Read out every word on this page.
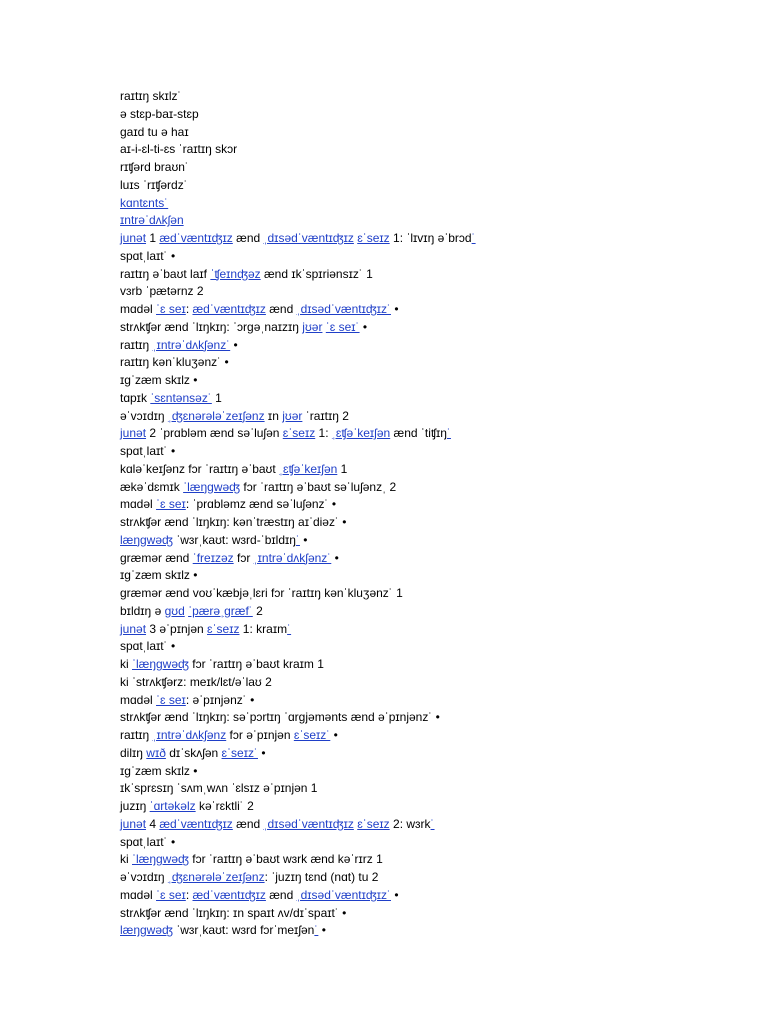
raɪtɪŋ skɪlz˙
ə stɛp-baɪ-stɛp
gaɪd tu ə haɪ
aɪ-i-ɛl-ti-ɛs ˈraɪtɪŋ skɔr
rɪʧərd braʊn˙
luɪs ˈrɪʧərdz˙
kɑntɛnts˙
ɪntrəˈdʌkʃən
junət 1 ædˈvæntɪʤɪz ænd ˌdɪsədˈvæntɪʤɪz ɛˈseɪz 1: ˈlɪvɪŋ əˈbrɔd˙
spɑtˌlaɪt˙ •
raɪtɪŋ əˈbaʊt laɪf ˈʧeɪnʤəz ænd ɪkˈspɪriənsɪz˙ 1
vɜrb ˈpætərnz 2
mɑdəl ˈɛ seɪ: ædˈvæntɪʤɪz ænd ˌdɪsədˈvæntɪʤɪz˙ •
strʌkʧər ænd ˈlɪŋkɪŋ: ˈɔrgəˌnaɪzɪŋ jʊər ˈɛ seɪ˙ •
raɪtɪŋ ˌɪntrəˈdʌkʃənz˙ •
raɪtɪŋ kənˈkluʒənz˙ •
ɪgˈzæm skɪlz •
tɑpɪk ˈsɛntənsəz˙ 1
əˈvɔɪdɪŋ ˌʤɛnərələˈzeɪʃənz ɪn jʊər ˈraɪtɪŋ 2
junət 2 ˈprɑbləm ænd səˈluʃən ɛˈseɪz 1: ˌɛʧəˈkeɪʃən ænd ˈtiʧɪŋ˙
spɑtˌlaɪt˙ •
kɑləˈkeɪʃənz fɔr ˈraɪtɪŋ əˈbaʊt ˌɛʧəˈkeɪʃən 1
ækəˈdɛmɪk ˈlæŋgwəʤ fɔr ˈraɪtɪŋ əˈbaʊt səˈluʃənzˌ 2
mɑdəl ˈɛ seɪ: ˈprɑbləmz ænd səˈluʃənz˙ •
strʌkʧər ænd ˈlɪŋkɪŋ: kənˈtræstɪŋ aɪˈdiəz˙ •
læŋgwəʤ ˈwɜrˌkaʊt: wɜrd-ˈbɪldɪŋ˙ •
græmər ænd ˈfreɪzəz fɔr ˌɪntrəˈdʌkʃənz˙ •
ɪgˈzæm skɪlz •
græmər ænd voʊˈkæbjəˌlɛri fɔr ˈraɪtɪŋ kənˈkluʒənz˙ 1
bɪldɪŋ ə gʊd ˈpærəˌgræf˙ 2
junət 3 əˈpɪnjən ɛˈseɪz 1: kraɪm˙
spɑtˌlaɪt˙ •
ki ˈlæŋgwəʤ fɔr ˈraɪtɪŋ əˈbaʊt kraɪm 1
ki ˈstrʌkʧərz: meɪk/lɛt/əˈlaʊ 2
mɑdəl ˈɛ seɪ: əˈpɪnjənz˙ •
strʌkʧər ænd ˈlɪŋkɪŋ: səˈpɔrtɪŋ ˈɑrgjəmənts ænd əˈpɪnjənz˙ •
raɪtɪŋ ˌɪntrəˈdʌkʃənz fɔr əˈpɪnjən ɛˈseɪz˙ •
dilɪŋ wɪð dɪˈskʌʃən ɛˈseɪz˙ •
ɪgˈzæm skɪlz •
ɪkˈsprɛsɪŋ ˈsʌmˌwʌn ˈɛlsɪz əˈpɪnjən 1
juzɪŋ ˈɑrtəkəlz kəˈrɛktli˙ 2
junət 4 ædˈvæntɪʤɪz ænd ˌdɪsədˈvæntɪʤɪz ɛˈseɪz 2: wɜrk˙
spɑtˌlaɪt˙ •
ki ˈlæŋgwəʤ fɔr ˈraɪtɪŋ əˈbaʊt wɜrk ænd kəˈrɪrz 1
əˈvɔɪdɪŋ ˌʤɛnərələˈzeɪʃənz: ˈjuzɪŋ tɛnd (nɑt) tu 2
mɑdəl ˈɛ seɪ: ædˈvæntɪʤɪz ænd ˌdɪsədˈvæntɪʤɪz˙ •
strʌkʧər ænd ˈlɪŋkɪŋ: ɪn spaɪt ʌv/dɪˈspaɪt˙ •
læŋgwəʤ ˈwɜrˌkaʊt: wɜrd fɔrˈmeɪʃən˙ •
